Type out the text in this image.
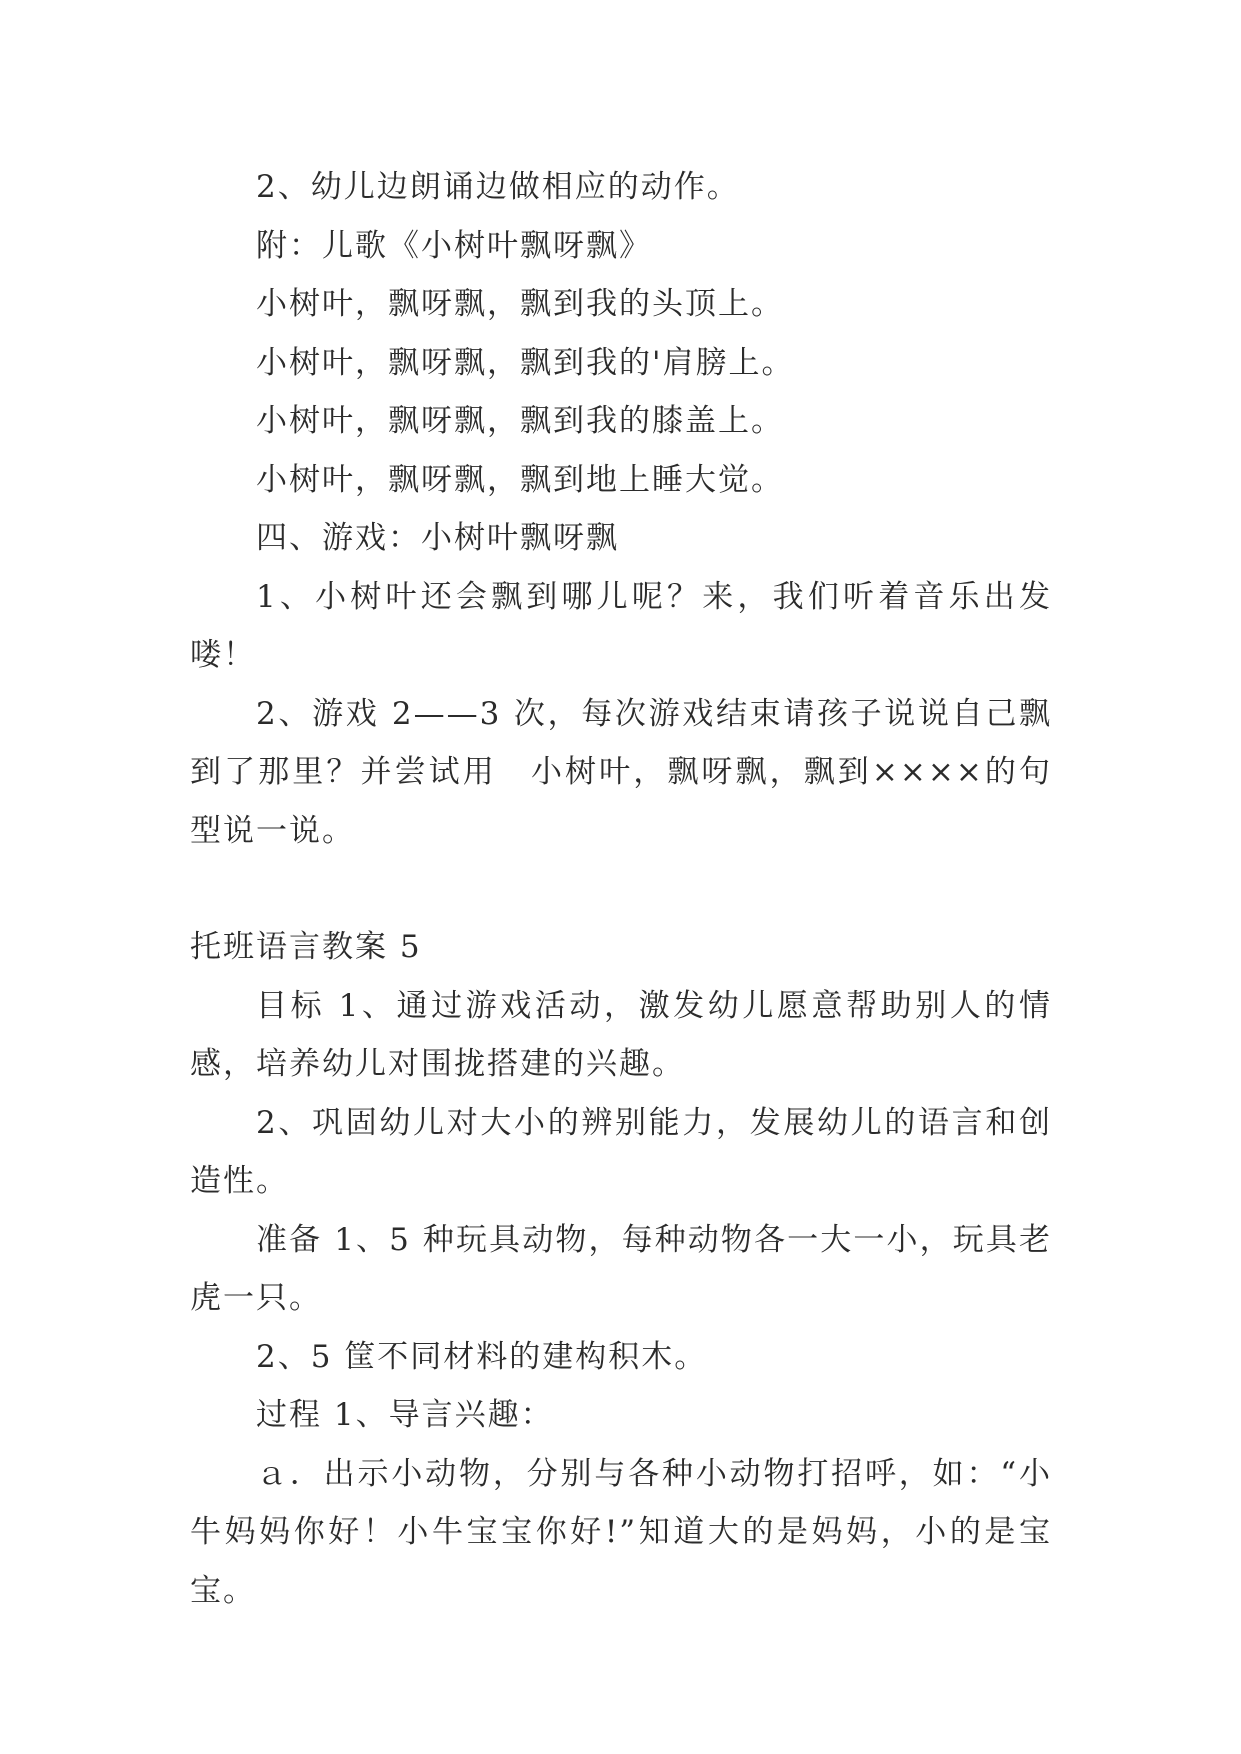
2、幼儿边朗诵边做相应的动作。

附：儿歌《小树叶飘呀飘》

小树叶，飘呀飘，飘到我的头顶上。

小树叶，飘呀飘，飘到我的'肩膀上。

小树叶，飘呀飘，飘到我的膝盖上。

小树叶，飘呀飘，飘到地上睡大觉。

四、游戏：小树叶飘呀飘

1、小树叶还会飘到哪儿呢？来，我们听着音乐出发喽！

2、游戏 2——3 次，每次游戏结束请孩子说说自己飘到了那里？并尝试用　小树叶，飘呀飘，飘到××××的句型说一说。

托班语言教案 5

目标 1、通过游戏活动，激发幼儿愿意帮助别人的情感，培养幼儿对围拢搭建的兴趣。

2、巩固幼儿对大小的辨别能力，发展幼儿的语言和创造性。

准备 1、5 种玩具动物，每种动物各一大一小，玩具老虎一只。

2、5 筐不同材料的建构积木。

过程 1、导言兴趣：

ａ．出示小动物，分别与各种小动物打招呼，如：“小牛妈妈你好！小牛宝宝你好!”知道大的是妈妈，小的是宝宝。
